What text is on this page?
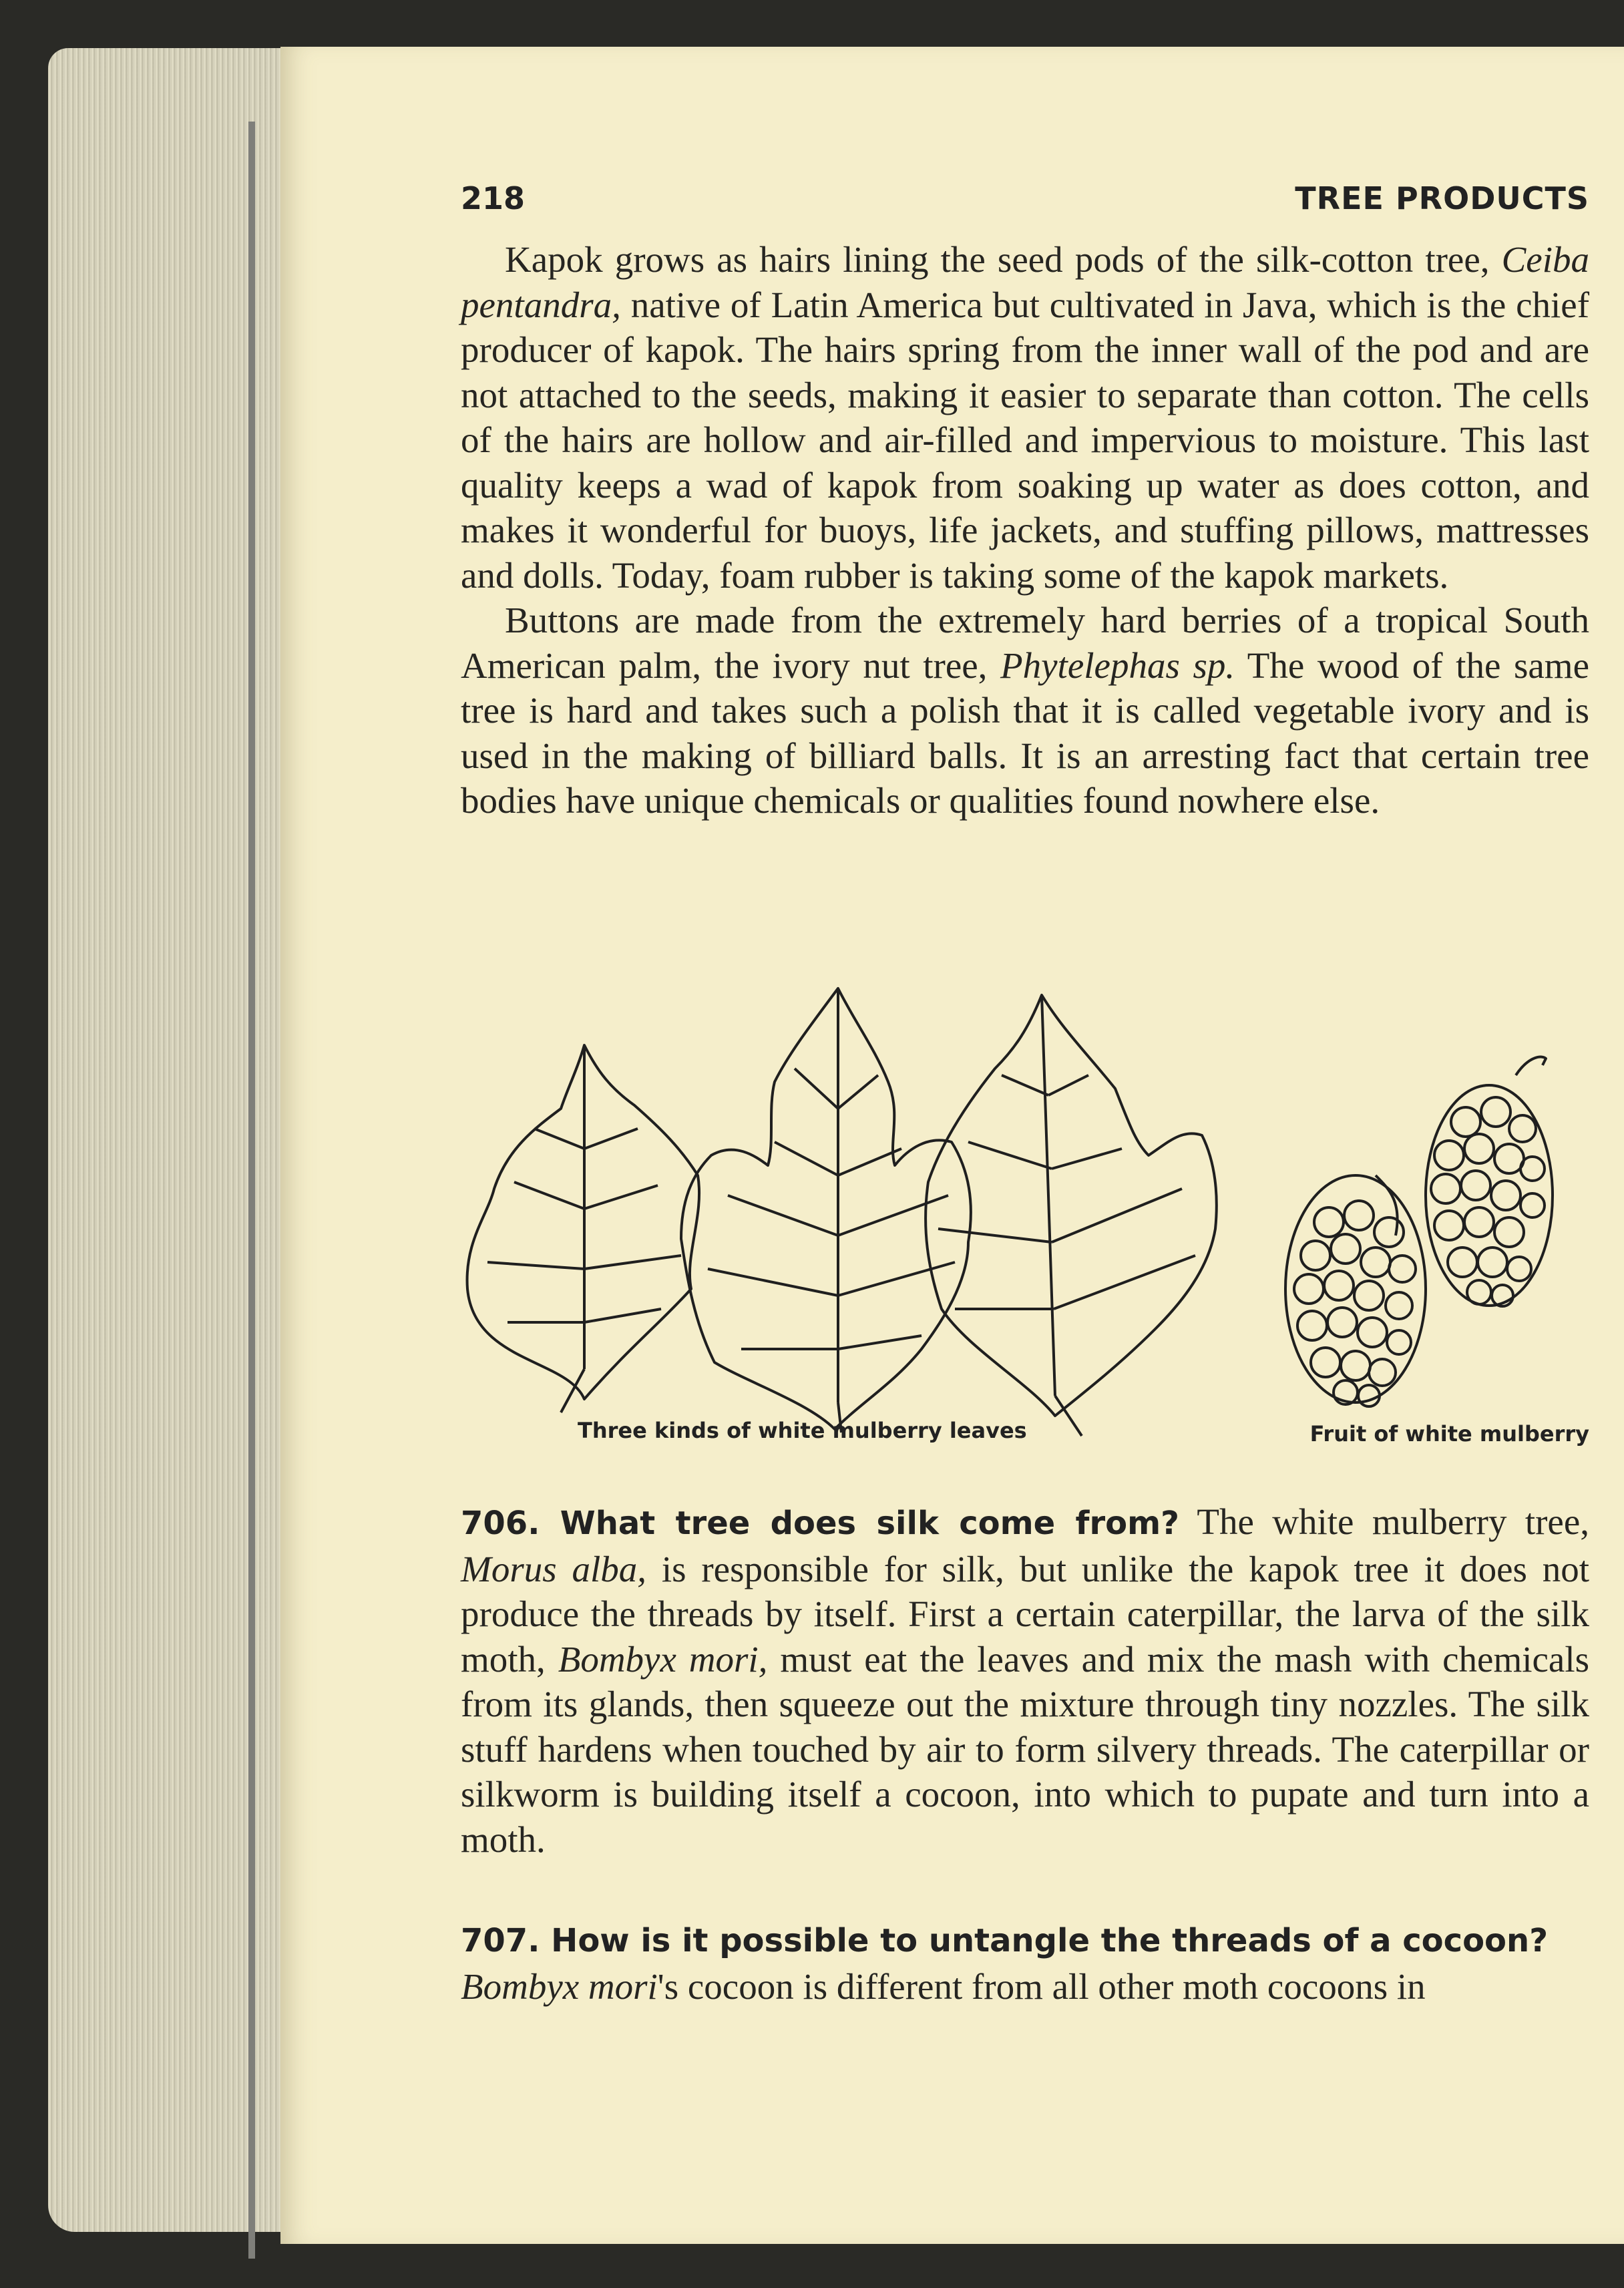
218	TREE PRODUCTS

Kapok grows as hairs lining the seed pods of the silk-cotton tree, Ceiba pentandra, native of Latin America but cultivated in Java, which is the chief producer of kapok. The hairs spring from the inner wall of the pod and are not attached to the seeds, making it easier to separate than cotton. The cells of the hairs are hollow and air-filled and impervious to moisture. This last quality keeps a wad of kapok from soaking up water as does cotton, and makes it wonderful for buoys, life jackets, and stuffing pillows, mattresses and dolls. Today, foam rubber is taking some of the kapok markets.

Buttons are made from the extremely hard berries of a tropical South American palm, the ivory nut tree, Phytelephas sp. The wood of the same tree is hard and takes such a polish that it is called vegetable ivory and is used in the making of billiard balls. It is an arresting fact that certain tree bodies have unique chemicals or qualities found nowhere else.

Three kinds of white mulberry leaves	Fruit of white mulberry

706. What tree does silk come from? The white mulberry tree, Morus alba, is responsible for silk, but unlike the kapok tree it does not produce the threads by itself. First a certain caterpillar, the larva of the silk moth, Bombyx mori, must eat the leaves and mix the mash with chemicals from its glands, then squeeze out the mixture through tiny nozzles. The silk stuff hardens when touched by air to form silvery threads. The caterpillar or silkworm is building itself a cocoon, into which to pupate and turn into a moth.

707. How is it possible to untangle the threads of a cocoon?
Bombyx mori's cocoon is different from all other moth cocoons in
